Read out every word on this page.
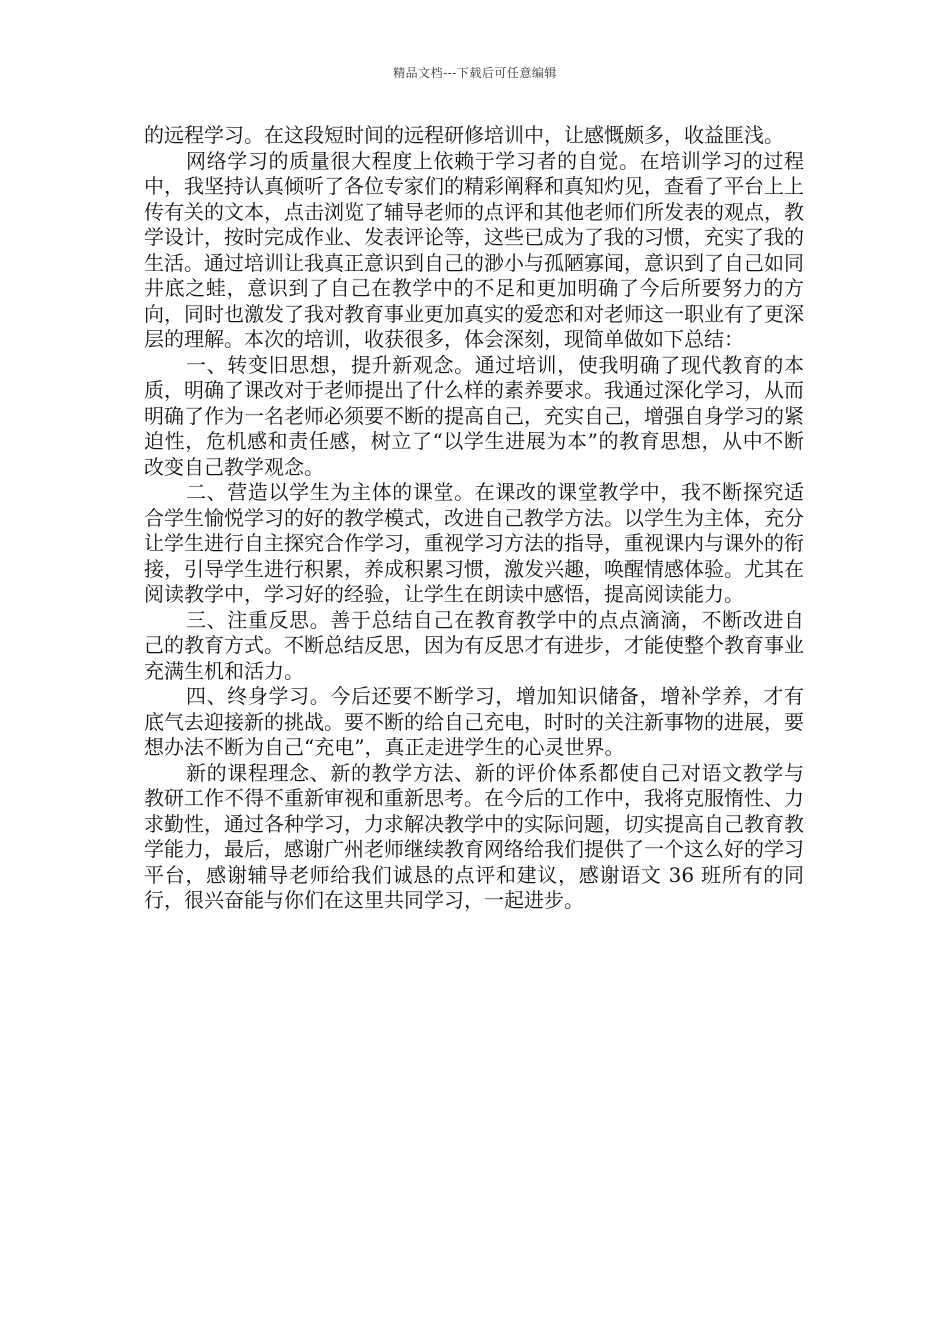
精品文档---下载后可任意编辑

的远程学习。在这段短时间的远程研修培训中，让感慨颇多，收益匪浅。

网络学习的质量很大程度上依赖于学习者的自觉。在培训学习的过程中，我坚持认真倾听了各位专家们的精彩阐释和真知灼见，查看了平台上上传有关的文本，点击浏览了辅导老师的点评和其他老师们所发表的观点，教学设计，按时完成作业、发表评论等，这些已成为了我的习惯，充实了我的生活。通过培训让我真正意识到自己的渺小与孤陋寡闻，意识到了自己如同井底之蛙，意识到了自己在教学中的不足和更加明确了今后所要努力的方向，同时也激发了我对教育事业更加真实的爱恋和对老师这一职业有了更深层的理解。本次的培训，收获很多，体会深刻，现简单做如下总结：

一、转变旧思想，提升新观念。通过培训，使我明确了现代教育的本质，明确了课改对于老师提出了什么样的素养要求。我通过深化学习，从而明确了作为一名老师必须要不断的提高自己，充实自己，增强自身学习的紧迫性，危机感和责任感，树立了“以学生进展为本”的教育思想，从中不断改变自己教学观念。

二、营造以学生为主体的课堂。在课改的课堂教学中，我不断探究适合学生愉悦学习的好的教学模式，改进自己教学方法。以学生为主体，充分让学生进行自主探究合作学习，重视学习方法的指导，重视课内与课外的衔接，引导学生进行积累，养成积累习惯，激发兴趣，唤醒情感体验。尤其在阅读教学中，学习好的经验，让学生在朗读中感悟，提高阅读能力。

三、注重反思。善于总结自己在教育教学中的点点滴滴，不断改进自己的教育方式。不断总结反思，因为有反思才有进步，才能使整个教育事业充满生机和活力。

四、终身学习。今后还要不断学习，增加知识储备，增补学养，才有底气去迎接新的挑战。要不断的给自己充电，时时的关注新事物的进展，要想办法不断为自己“充电”，真正走进学生的心灵世界。

新的课程理念、新的教学方法、新的评价体系都使自己对语文教学与教研工作不得不重新审视和重新思考。在今后的工作中，我将克服惰性、力求勤性，通过各种学习，力求解决教学中的实际问题，切实提高自己教育教学能力，最后，感谢广州老师继续教育网络给我们提供了一个这么好的学习平台，感谢辅导老师给我们诚恳的点评和建议，感谢语文 36 班所有的同行，很兴奋能与你们在这里共同学习，一起进步。
